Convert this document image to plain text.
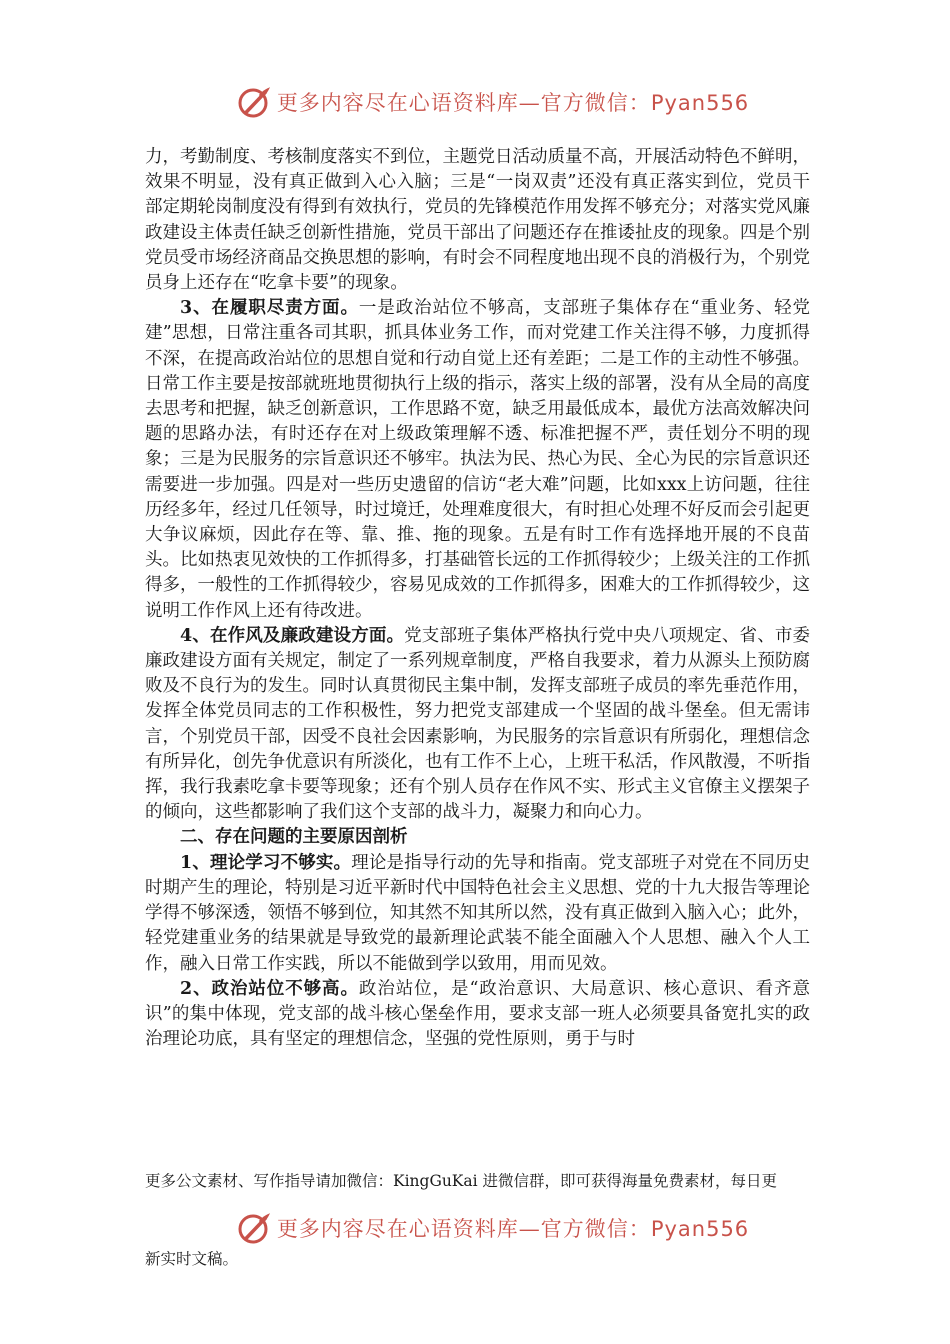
更多内容尽在心语资料库—官方微信：Pyan556

力，考勤制度、考核制度落实不到位，主题党日活动质量不高，开展活动特色不鲜明，效果不明显，没有真正做到入心入脑；三是“一岗双责”还没有真正落实到位，党员干部定期轮岗制度没有得到有效执行，党员的先锋模范作用发挥不够充分；对落实党风廉政建设主体责任缺乏创新性措施，党员干部出了问题还存在推诿扯皮的现象。四是个别党员受市场经济商品交换思想的影响，有时会不同程度地出现不良的消极行为，个别党员身上还存在“吃拿卡要”的现象。

3、在履职尽责方面。一是政治站位不够高，支部班子集体存在“重业务、轻党建”思想，日常注重各司其职，抓具体业务工作，而对党建工作关注得不够，力度抓得不深，在提高政治站位的思想自觉和行动自觉上还有差距；二是工作的主动性不够强。日常工作主要是按部就班地贯彻执行上级的指示，落实上级的部署，没有从全局的高度去思考和把握，缺乏创新意识，工作思路不宽，缺乏用最低成本，最优方法高效解决问题的思路办法，有时还存在对上级政策理解不透、标准把握不严，责任划分不明的现象；三是为民服务的宗旨意识还不够牢。执法为民、热心为民、全心为民的宗旨意识还需要进一步加强。四是对一些历史遗留的信访“老大难”问题，比如xxx上访问题，往往历经多年，经过几任领导，时过境迁，处理难度很大，有时担心处理不好反而会引起更大争议麻烦，因此存在等、靠、推、拖的现象。五是有时工作有选择地开展的不良苗头。比如热衷见效快的工作抓得多，打基础管长远的工作抓得较少；上级关注的工作抓得多，一般性的工作抓得较少，容易见成效的工作抓得多，困难大的工作抓得较少，这说明工作作风上还有待改进。

4、在作风及廉政建设方面。党支部班子集体严格执行党中央八项规定、省、市委廉政建设方面有关规定，制定了一系列规章制度，严格自我要求，着力从源头上预防腐败及不良行为的发生。同时认真贯彻民主集中制，发挥支部班子成员的率先垂范作用，发挥全体党员同志的工作积极性，努力把党支部建成一个坚固的战斗堡垒。但无需讳言，个别党员干部，因受不良社会因素影响，为民服务的宗旨意识有所弱化，理想信念有所异化，创先争优意识有所淡化，也有工作不上心，上班干私活，作风散漫，不听指挥，我行我素吃拿卡要等现象；还有个别人员存在作风不实、形式主义官僚主义摆架子的倾向，这些都影响了我们这个支部的战斗力，凝聚力和向心力。

二、存在问题的主要原因剖析

1、理论学习不够实。理论是指导行动的先导和指南。党支部班子对党在不同历史时期产生的理论，特别是习近平新时代中国特色社会主义思想、党的十九大报告等理论学得不够深透，领悟不够到位，知其然不知其所以然，没有真正做到入脑入心；此外，轻党建重业务的结果就是导致党的最新理论武装不能全面融入个人思想、融入个人工作，融入日常工作实践，所以不能做到学以致用，用而见效。

2、政治站位不够高。政治站位，是“政治意识、大局意识、核心意识、看齐意识”的集中体现，党支部的战斗核心堡垒作用，要求支部一班人必须要具备宽扎实的政治理论功底，具有坚定的理想信念，坚强的党性原则，勇于与时

更多公文素材、写作指导请加微信：KingGuKai 进微信群，即可获得海量免费素材，每日更
更多内容尽在心语资料库—官方微信：Pyan556
新实时文稿。
